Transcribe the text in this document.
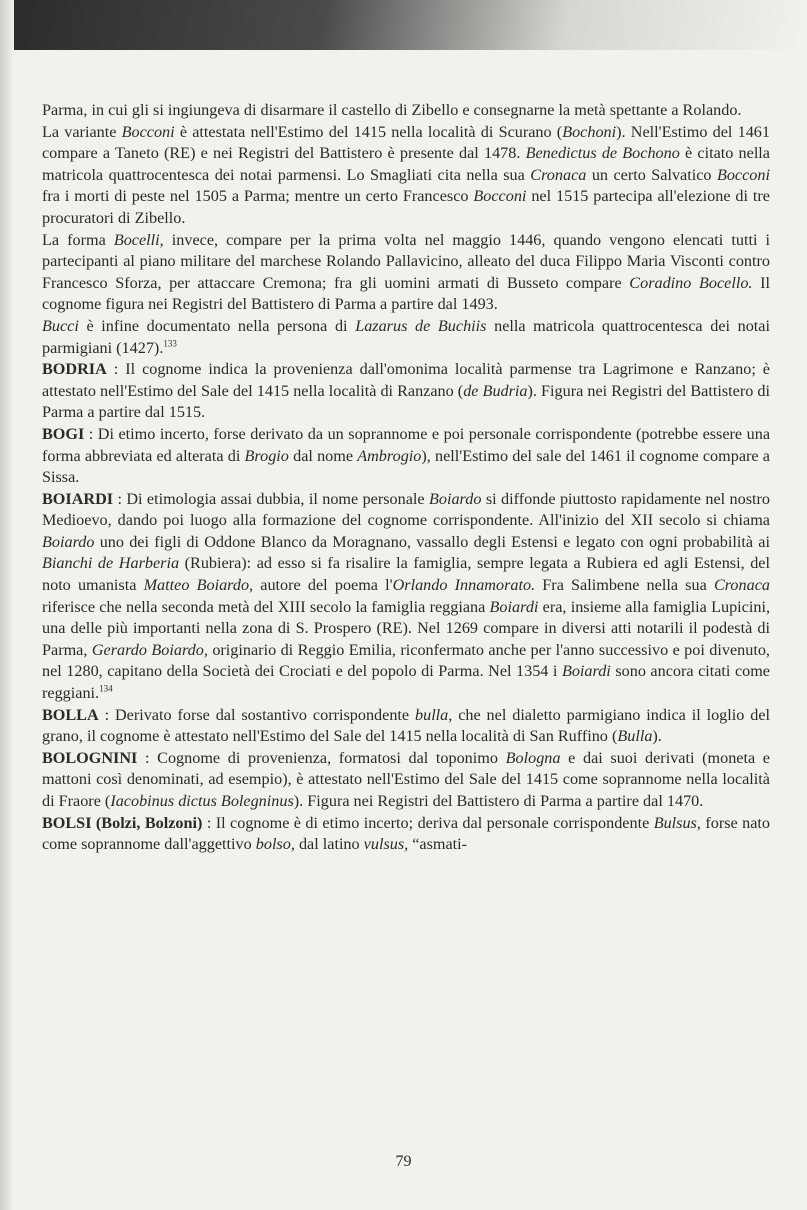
Parma, in cui gli si ingiungeva di disarmare il castello di Zibello e consegnarne la metà spettante a Rolando.

La variante Bocconi è attestata nell'Estimo del 1415 nella località di Scurano (Bochoni). Nell'Estimo del 1461 compare a Taneto (RE) e nei Registri del Battistero è presente dal 1478. Benedictus de Bochono è citato nella matricola quattrocentesca dei notai parmensi. Lo Smagliati cita nella sua Cronaca un certo Salvatico Bocconi fra i morti di peste nel 1505 a Parma; mentre un certo Francesco Bocconi nel 1515 partecipa all'elezione di tre procuratori di Zibello.

La forma Bocelli, invece, compare per la prima volta nel maggio 1446, quando vengono elencati tutti i partecipanti al piano militare del marchese Rolando Pallavicino, alleato del duca Filippo Maria Visconti contro Francesco Sforza, per attaccare Cremona; fra gli uomini armati di Busseto compare Coradino Bocello. Il cognome figura nei Registri del Battistero di Parma a partire dal 1493.

Bucci è infine documentato nella persona di Lazarus de Buchiis nella matricola quattrocentesca dei notai parmigiani (1427).$^{133}$

BODRIA : Il cognome indica la provenienza dall'omonima località parmense tra Lagrimone e Ranzano; è attestato nell'Estimo del Sale del 1415 nella località di Ranzano (de Budria). Figura nei Registri del Battistero di Parma a partire dal 1515.

BOGI : Di etimo incerto, forse derivato da un soprannome e poi personale corrispondente (potrebbe essere una forma abbreviata ed alterata di Brogio dal nome Ambrogio), nell'Estimo del sale del 1461 il cognome compare a Sissa.

BOIARDI : Di etimologia assai dubbia, il nome personale Boiardo si diffonde piuttosto rapidamente nel nostro Medioevo, dando poi luogo alla formazione del cognome corrispondente. All'inizio del XII secolo si chiama Boiardo uno dei figli di Oddone Blanco da Moragnano, vassallo degli Estensi e legato con ogni probabilità ai Bianchi de Harberia (Rubiera): ad esso si fa risalire la famiglia, sempre legata a Rubiera ed agli Estensi, del noto umanista Matteo Boiardo, autore del poema l'Orlando Innamorato. Fra Salimbene nella sua Cronaca riferisce che nella seconda metà del XIII secolo la famiglia reggiana Boiardi era, insieme alla famiglia Lupicini, una delle più importanti nella zona di S. Prospero (RE). Nel 1269 compare in diversi atti notarili il podestà di Parma, Gerardo Boiardo, originario di Reggio Emilia, riconfermato anche per l'anno successivo e poi divenuto, nel 1280, capitano della Società dei Crociati e del popolo di Parma. Nel 1354 i Boiardi sono ancora citati come reggiani.$^{134}$

BOLLA : Derivato forse dal sostantivo corrispondente bulla, che nel dialetto parmigiano indica il loglio del grano, il cognome è attestato nell'Estimo del Sale del 1415 nella località di San Ruffino (Bulla).

BOLOGNINI : Cognome di provenienza, formatosi dal toponimo Bologna e dai suoi derivati (moneta e mattoni così denominati, ad esempio), è attestato nell'Estimo del Sale del 1415 come soprannome nella località di Fraore (Iacobinus dictus Bolegninus). Figura nei Registri del Battistero di Parma a partire dal 1470.

BOLSI (Bolzi, Bolzoni) : Il cognome è di etimo incerto; deriva dal personale corrispondente Bulsus, forse nato come soprannome dall'aggettivo bolso, dal latino vulsus, “asmati-

79
